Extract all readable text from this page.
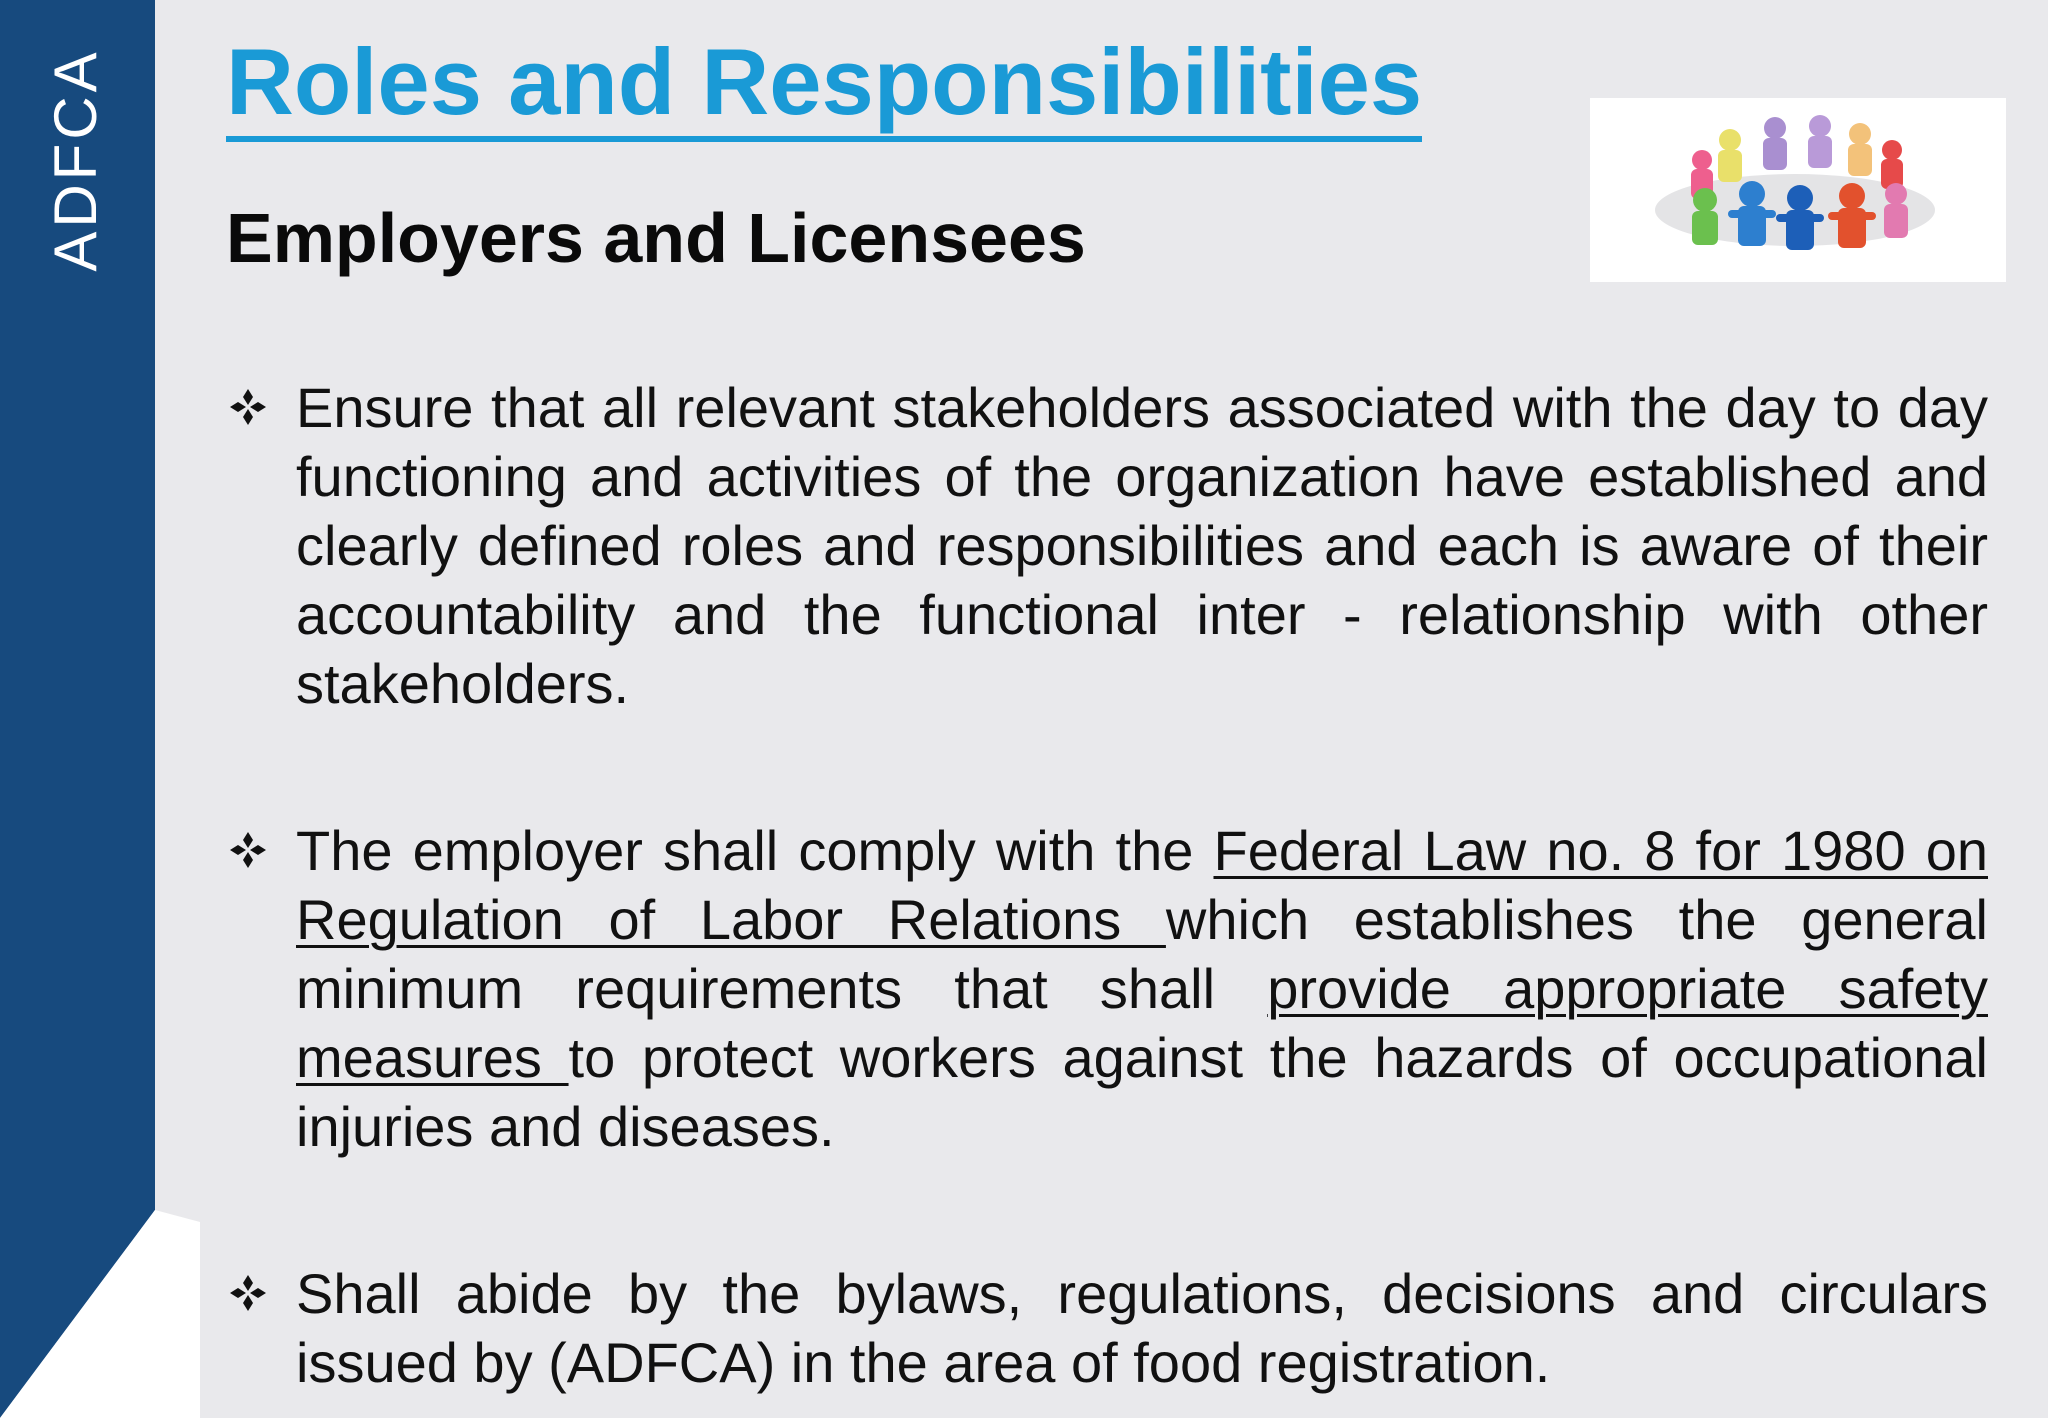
ADFCA Roles and Responsibilities
Employers and Licensees
Ensure that all relevant stakeholders associated with the day to day functioning and activities of the organization have established and clearly defined roles and responsibilities and each is aware of their accountability and the functional inter - relationship with other stakeholders.
The employer shall comply with the Federal Law no. 8 for 1980 on Regulation of Labor Relations which establishes the general minimum requirements that shall provide appropriate safety measures to protect workers against the hazards of occupational injuries and diseases.
Shall abide by the bylaws, regulations, decisions and circulars issued by (ADFCA) in the area of food registration.
